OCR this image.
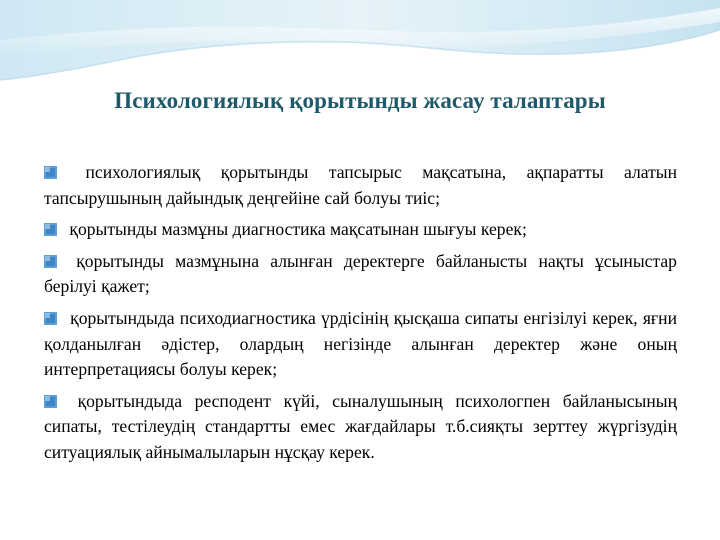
Психологиялық қорытынды жасау талаптары

психологиялық қорытынды тапсырыс мақсатына, ақпаратты алатын тапсырушының дайындық деңгейіне сай болуы тиіс;

қорытынды мазмұны диагностика мақсатынан шығуы керек;

қорытынды мазмұнына алынған деректерге байланысты нақты ұсыныстар берілуі қажет;

қорытындыда психодиагностика үрдісінің қысқаша сипаты енгізілуі керек, яғни қолданылған әдістер, олардың негізінде алынған деректер және оның интерпретациясы болуы керек;

қорытындыда респодент күйі, сыналушының психологпен байланысының сипаты, тестілеудің стандартты емес жағдайлары т.б.сияқты зерттеу жүргізудің ситуациялық айнымалыларын нұсқау керек.
